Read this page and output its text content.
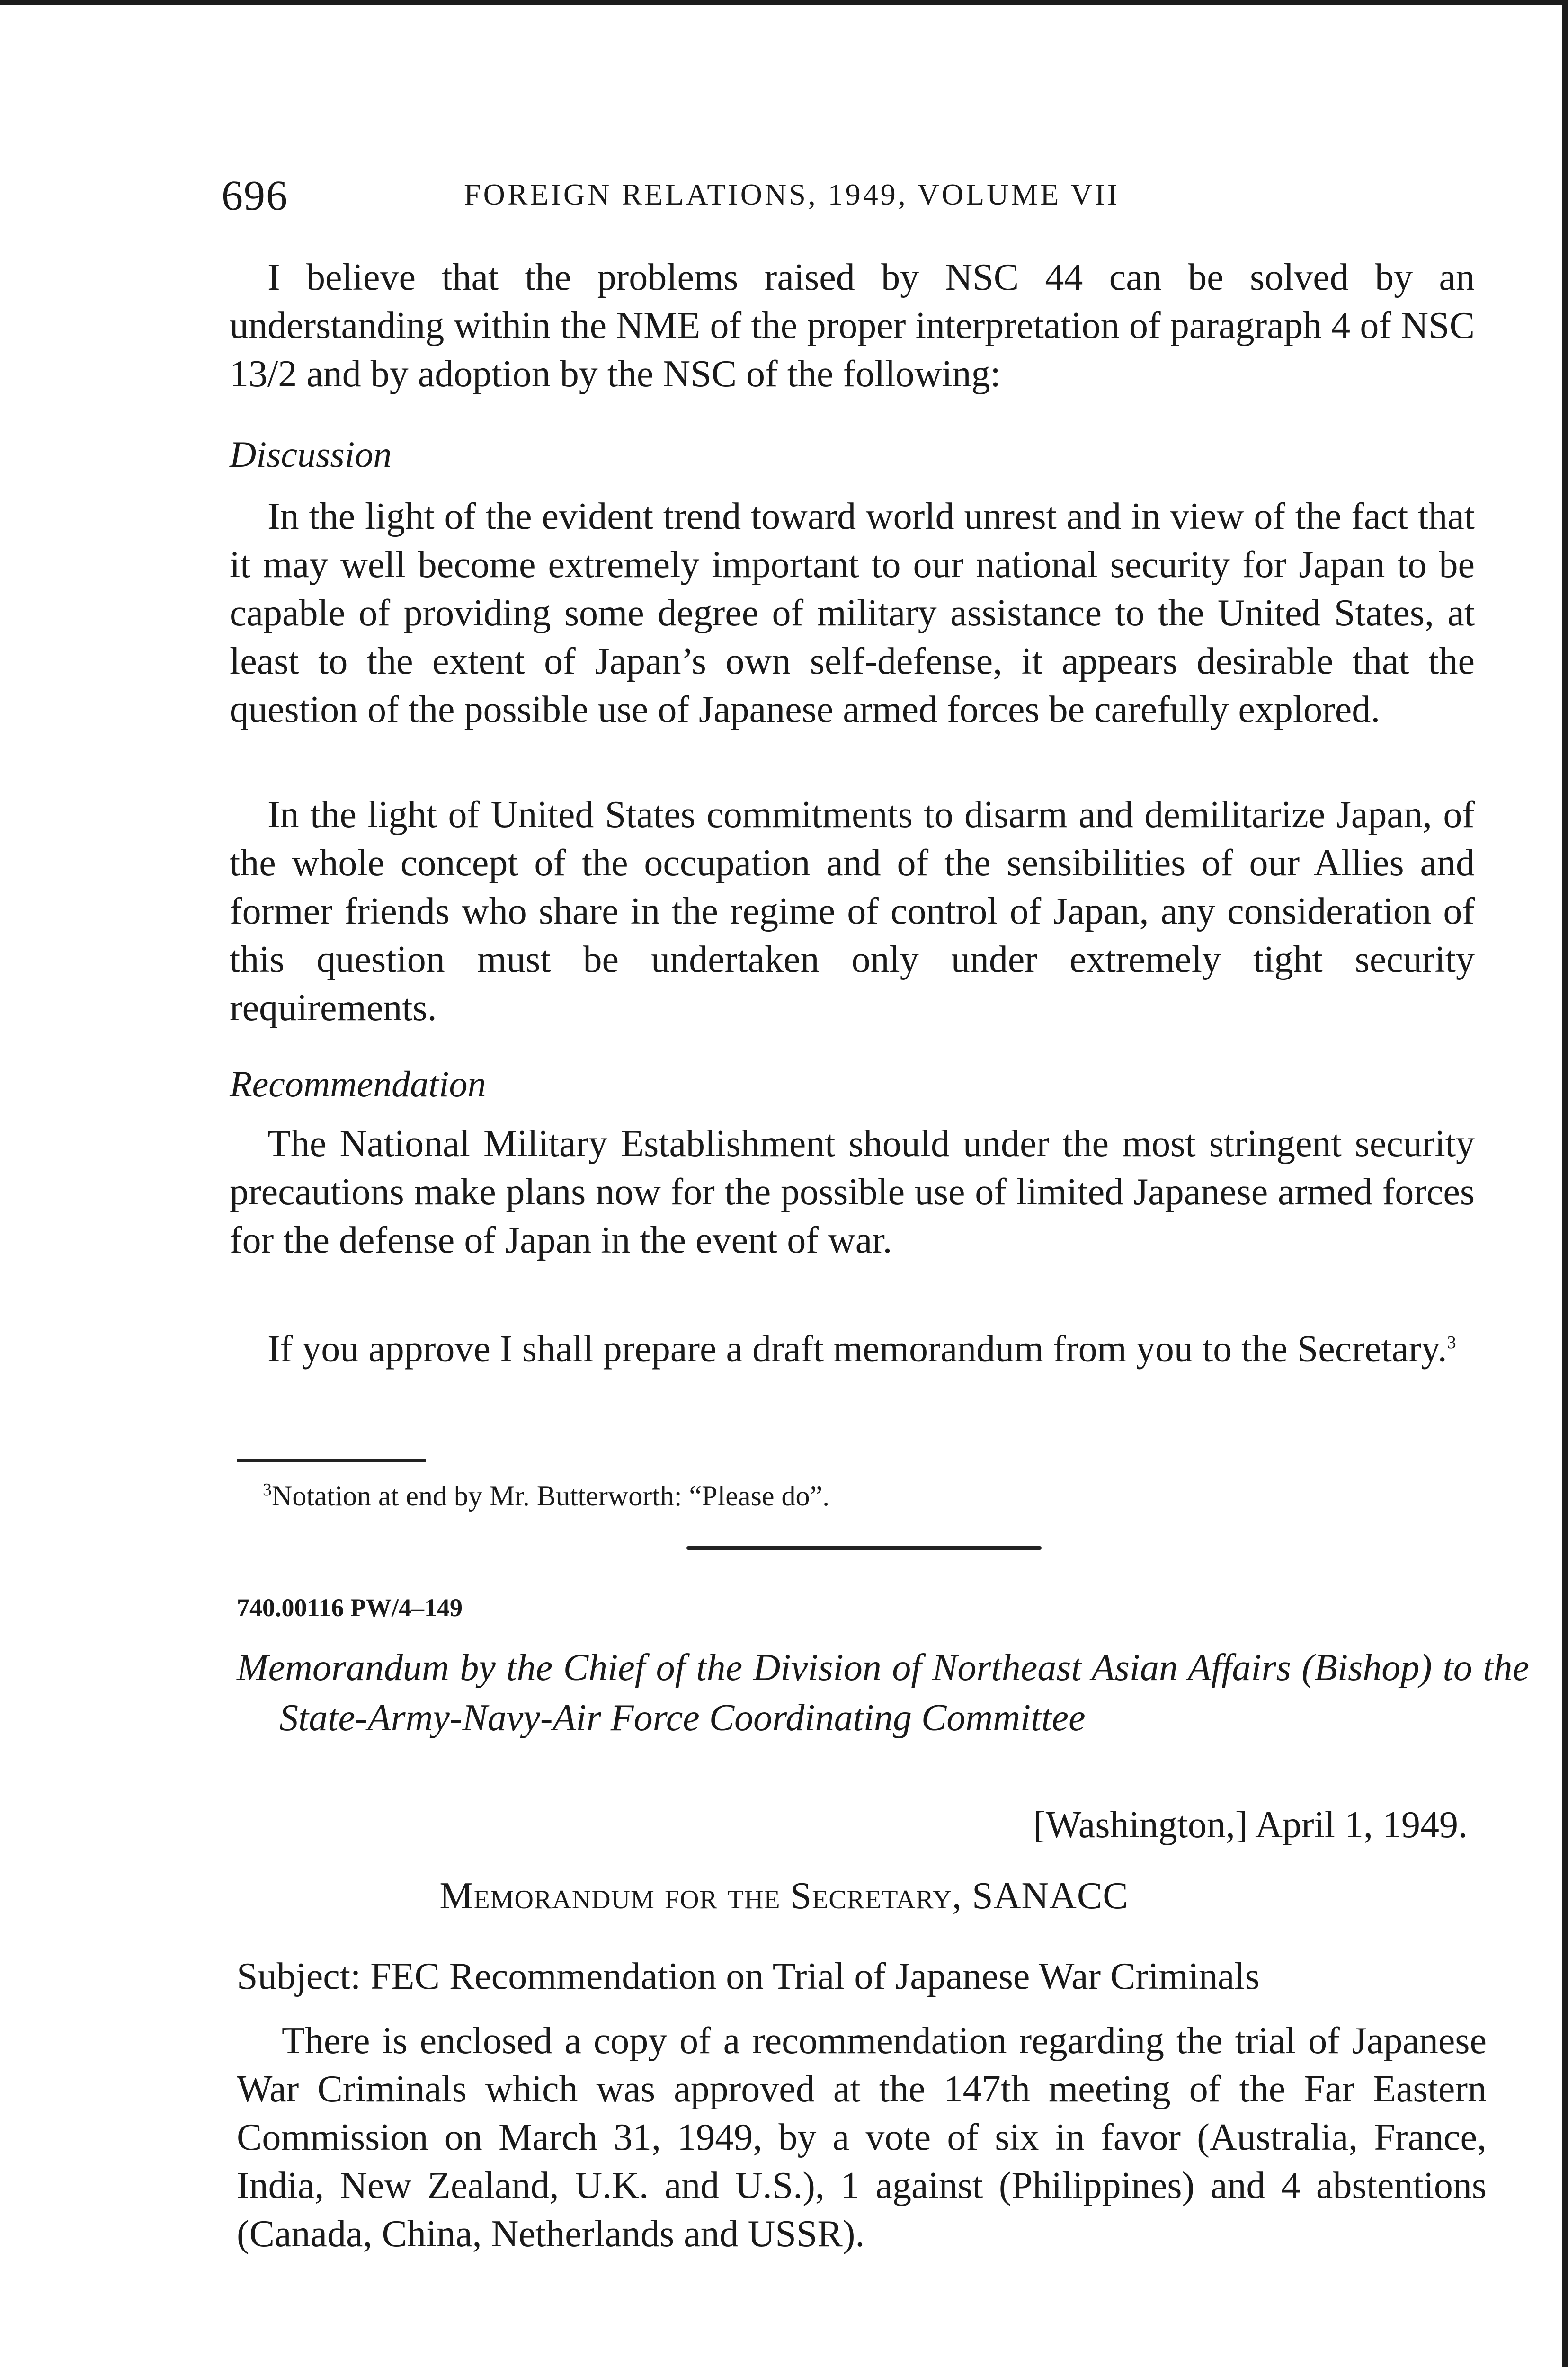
696	FOREIGN RELATIONS, 1949, VOLUME VII

I believe that the problems raised by NSC 44 can be solved by an understanding within the NME of the proper interpretation of paragraph 4 of NSC 13/2 and by adoption by the NSC of the following:

Discussion

In the light of the evident trend toward world unrest and in view of the fact that it may well become extremely important to our national security for Japan to be capable of providing some degree of military assistance to the United States, at least to the extent of Japan’s own self-defense, it appears desirable that the question of the possible use of Japanese armed forces be carefully explored.

In the light of United States commitments to disarm and demilitarize Japan, of the whole concept of the occupation and of the sensibilities of our Allies and former friends who share in the regime of control of Japan, any consideration of this question must be undertaken only under extremely tight security requirements.

Recommendation

The National Military Establishment should under the most stringent security precautions make plans now for the possible use of limited Japanese armed forces for the defense of Japan in the event of war.

If you approve I shall prepare a draft memorandum from you to the Secretary.$^3$

$^3$Notation at end by Mr. Butterworth: “Please do”.

740.00116 PW/4–149

Memorandum by the Chief of the Division of Northeast Asian Affairs (Bishop) to the State-Army-Navy-Air Force Coordinating Committee

[Washington,] April 1, 1949.

Memorandum for the Secretary, SANACC

Subject: FEC Recommendation on Trial of Japanese War Criminals

There is enclosed a copy of a recommendation regarding the trial of Japanese War Criminals which was approved at the 147th meeting of the Far Eastern Commission on March 31, 1949, by a vote of six in favor (Australia, France, India, New Zealand, U.K. and U.S.), 1 against (Philippines) and 4 abstentions (Canada, China, Netherlands and USSR).
